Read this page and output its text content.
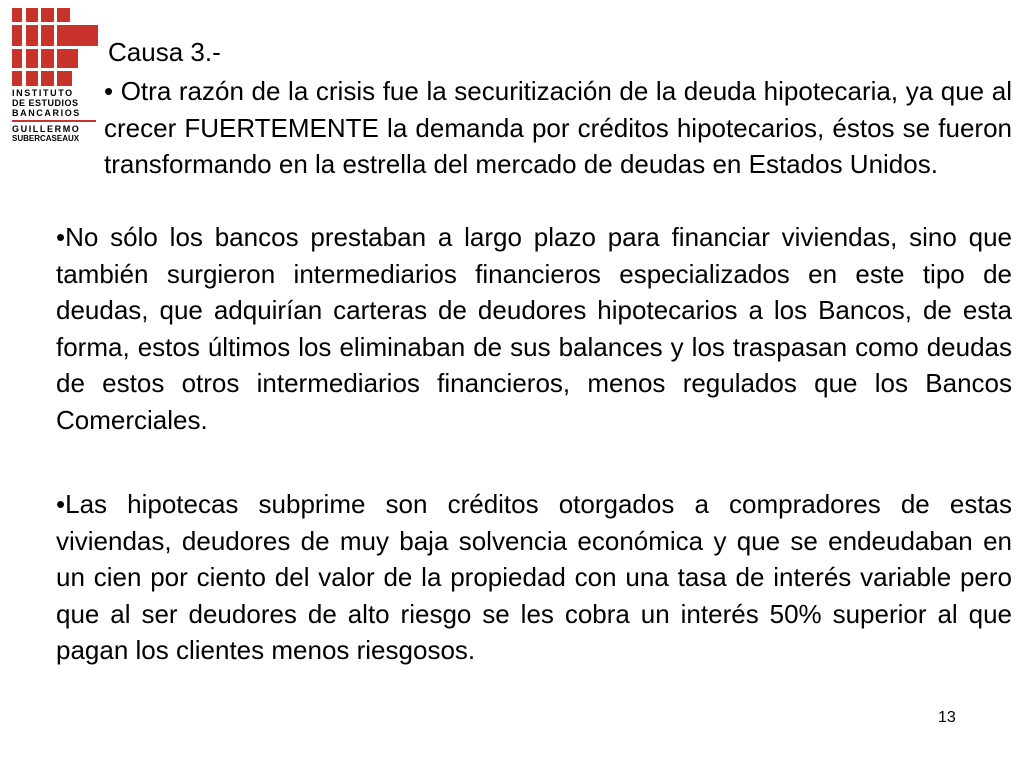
INSTITUTO
DE ESTUDIOS
BANCARIOS
GUILLERMO
SUBERCASEAUX
Causa 3.-

• Otra razón de la crisis fue la securitización de la deuda hipotecaria, ya que al crecer FUERTEMENTE la demanda por créditos hipotecarios, éstos se fueron transformando en la estrella del mercado de deudas en Estados Unidos.

•No sólo los bancos prestaban a largo plazo para financiar viviendas, sino que también surgieron intermediarios financieros especializados en este tipo de deudas, que adquirían carteras de deudores hipotecarios a los Bancos, de esta forma, estos últimos los eliminaban de sus balances y los traspasan como deudas de estos otros intermediarios financieros, menos regulados que los Bancos Comerciales.

•Las hipotecas subprime son créditos otorgados a compradores de estas viviendas, deudores de muy baja solvencia económica y que se endeudaban en un cien por ciento del valor de la propiedad con una tasa de interés variable pero que al ser deudores de alto riesgo se les cobra un interés 50% superior al que pagan los clientes menos riesgosos.

13
